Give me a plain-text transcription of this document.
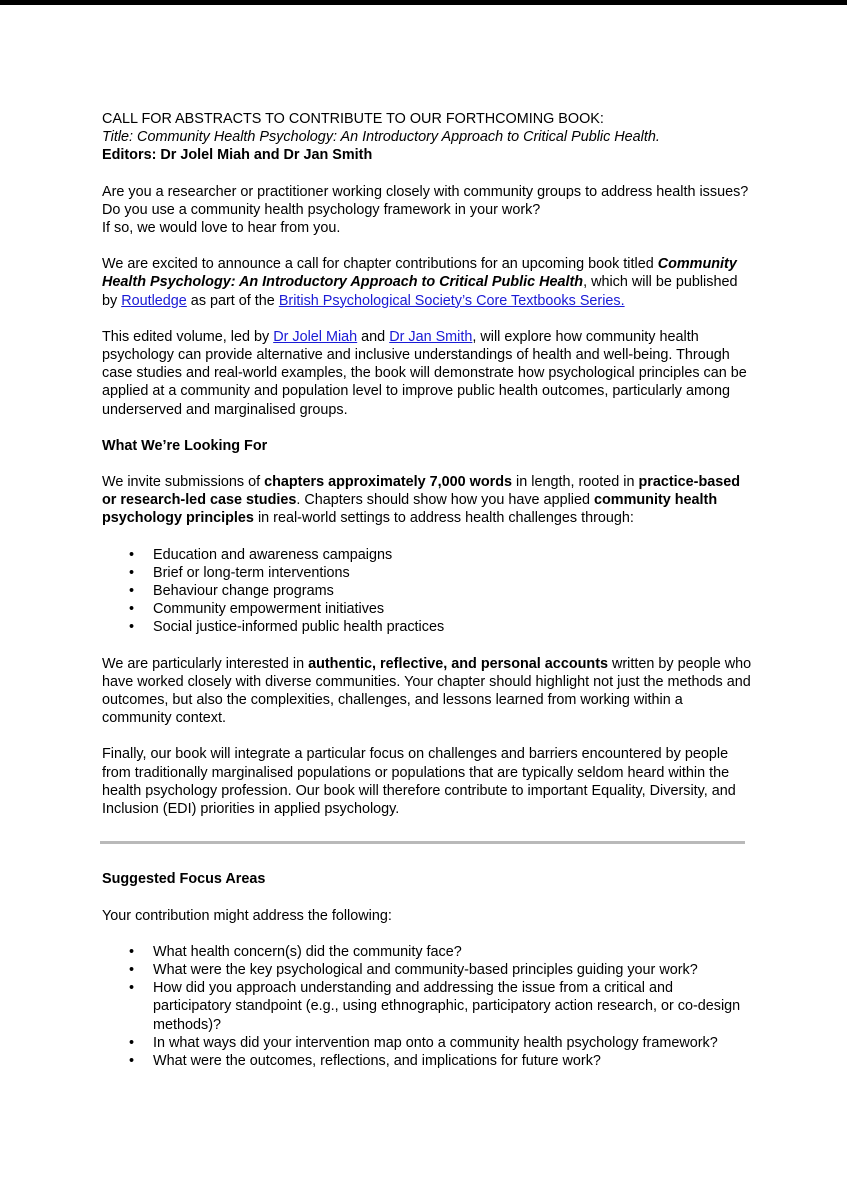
CALL FOR ABSTRACTS TO CONTRIBUTE TO OUR FORTHCOMING BOOK:

Title: Community Health Psychology: An Introductory Approach to Critical Public Health.

Editors: Dr Jolel Miah and Dr Jan Smith

Are you a researcher or practitioner working closely with community groups to address health issues? Do you use a community health psychology framework in your work?

If so, we would love to hear from you.

We are excited to announce a call for chapter contributions for an upcoming book titled Community Health Psychology: An Introductory Approach to Critical Public Health, which will be published by Routledge as part of the British Psychological Society’s Core Textbooks Series.

This edited volume, led by Dr Jolel Miah and Dr Jan Smith, will explore how community health psychology can provide alternative and inclusive understandings of health and well-being. Through case studies and real-world examples, the book will demonstrate how psychological principles can be applied at a community and population level to improve public health outcomes, particularly among underserved and marginalised groups.

What We’re Looking For

We invite submissions of chapters approximately 7,000 words in length, rooted in practice-based or research-led case studies. Chapters should show how you have applied community health psychology principles in real-world settings to address health challenges through:

• Education and awareness campaigns
• Brief or long-term interventions
• Behaviour change programs
• Community empowerment initiatives
• Social justice-informed public health practices

We are particularly interested in authentic, reflective, and personal accounts written by people who have worked closely with diverse communities. Your chapter should highlight not just the methods and outcomes, but also the complexities, challenges, and lessons learned from working within a community context.

Finally, our book will integrate a particular focus on challenges and barriers encountered by people from traditionally marginalised populations or populations that are typically seldom heard within the health psychology profession. Our book will therefore contribute to important Equality, Diversity, and Inclusion (EDI) priorities in applied psychology.

Suggested Focus Areas

Your contribution might address the following:

• What health concern(s) did the community face?
• What were the key psychological and community-based principles guiding your work?
• How did you approach understanding and addressing the issue from a critical and participatory standpoint (e.g., using ethnographic, participatory action research, or co-design methods)?
• In what ways did your intervention map onto a community health psychology framework?
• What were the outcomes, reflections, and implications for future work?
